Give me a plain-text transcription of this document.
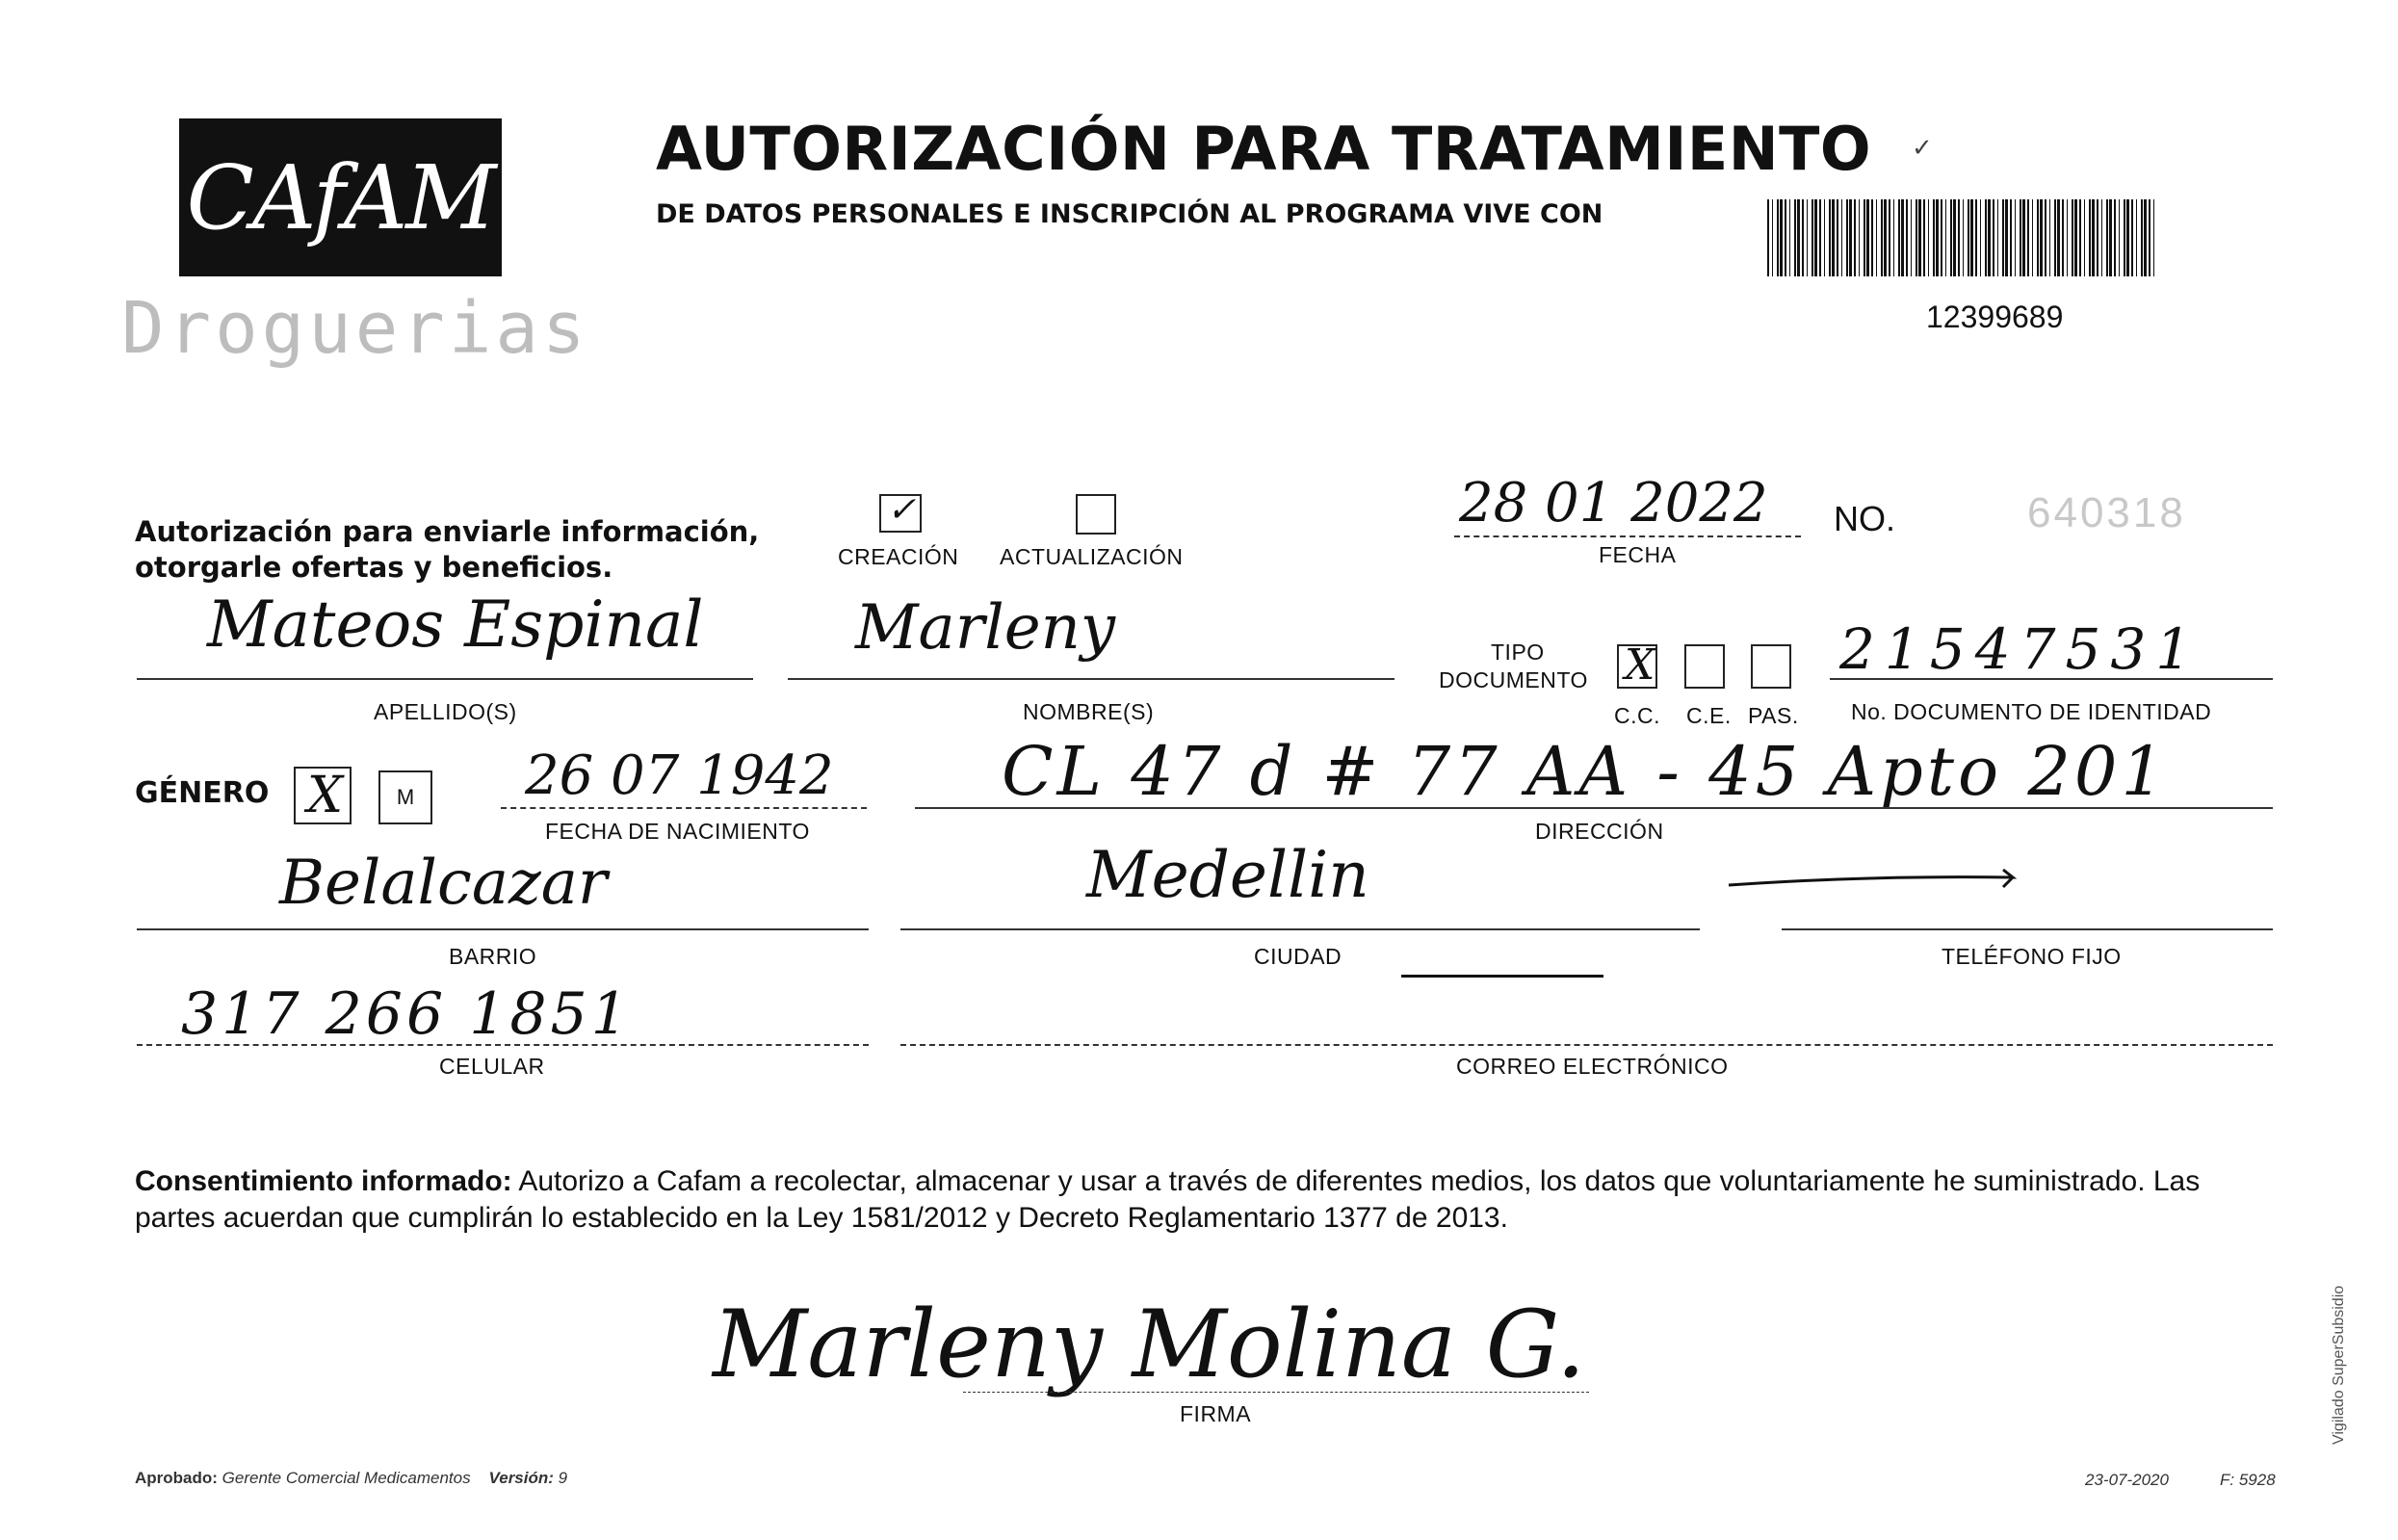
CAfAM
Droguerias
AUTORIZACIÓN PARA TRATAMIENTO
DE DATOS PERSONALES E INSCRIPCIÓN AL PROGRAMA VIVE CON
✓
12399689
Autorización para enviarle información,
otorgarle ofertas y beneficios.
✓
CREACIÓN ACTUALIZACIÓN
28 01 2022
FECHA
NO.	640318
Mateos Espinal
APELLIDO(S)
Marleny
NOMBRE(S)
TIPO
DOCUMENTO X
C.C. C.E. PAS.
21547531
No. DOCUMENTO DE IDENTIDAD
GÉNERO X	M	26 07 1942
FECHA DE NACIMIENTO
CL 47 d # 77 AA - 45 Apto 201
DIRECCIÓN
Belalcazar
BARRIO
Medellin
CIUDAD	TELÉFONO FIJO
317 266 1851
CELULAR	CORREO ELECTRÓNICO
Consentimiento informado: Autorizo a Cafam a recolectar, almacenar y usar a través de diferentes medios, los datos que voluntariamente he suministrado. Las partes acuerdan que cumplirán lo establecido en la Ley 1581/2012 y Decreto Reglamentario 1377 de 2013.
Marleny Molina G.
FIRMA
Aprobado: Gerente Comercial Medicamentos Versión: 9	23-07-2020	F: 5928
Vigilado SuperSubsidio
